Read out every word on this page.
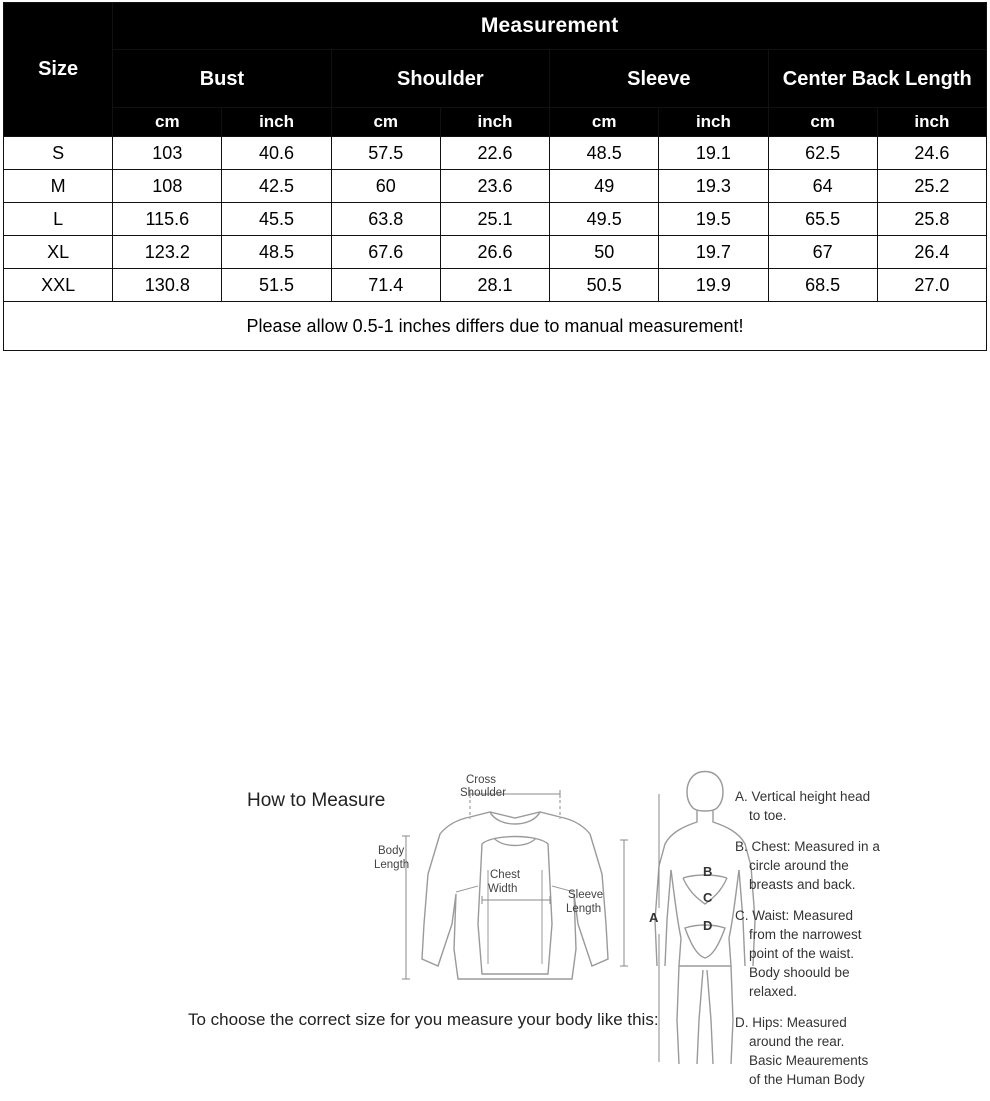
Size	Measurement							
	Bust		Shoulder		Sleeve		Center Back Length	
	cm	inch	cm	inch	cm	inch	cm	inch
S	103	40.6	57.5	22.6	48.5	19.1	62.5	24.6
M	108	42.5	60	23.6	49	19.3	64	25.2
L	115.6	45.5	63.8	25.1	49.5	19.5	65.5	25.8
XL	123.2	48.5	67.6	26.6	50	19.7	67	26.4
XXL	130.8	51.5	71.4	28.1	50.5	19.9	68.5	27.0
Please allow 0.5-1 inches differs due to manual measurement!								
How to Measure
To choose the correct size for you measure your body like this:
Cross
Shoulder
Body
Length
Chest
Width	Sleeve
Length
A
B
C
D

A. Vertical height head

to toe.

B. Chest: Measured in a

circle around the
breasts and back.

C. Waist: Measured

from the narrowest
point of the waist.
Body shoould be
relaxed.

D. Hips: Measured

around the rear.
Basic Meaurements
of the Human Body
